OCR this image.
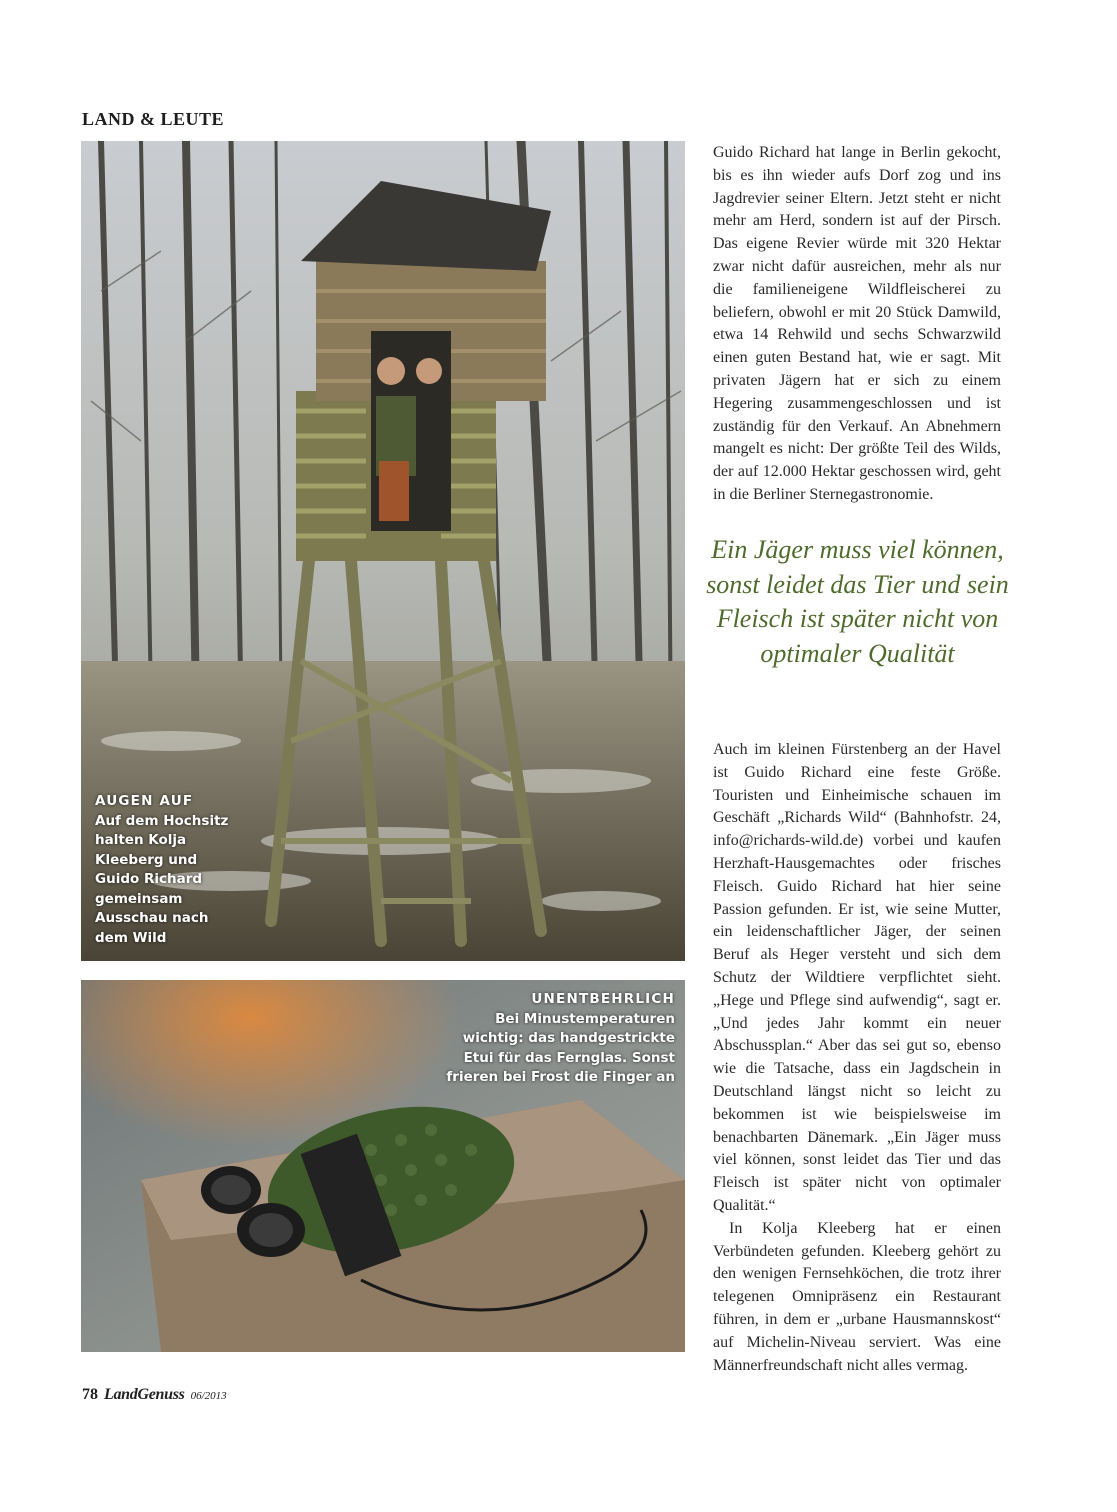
LAND & LEUTE
AUGEN AUF
Auf dem Hochsitz halten Kolja Kleeberg und Guido Richard gemeinsam Ausschau nach dem Wild
UNENTBEHRLICH
Bei Minustemperaturen wichtig: das handgestrickte Etui für das Fernglas. Sonst frieren bei Frost die Finger an

Guido Richard hat lange in Berlin gekocht, bis es ihn wieder aufs Dorf zog und ins Jagdrevier seiner Eltern. Jetzt steht er nicht mehr am Herd, sondern ist auf der Pirsch. Das eigene Revier würde mit 320 Hektar zwar nicht dafür ausreichen, mehr als nur die familieneigene Wildfleischerei zu beliefern, obwohl er mit 20 Stück Damwild, etwa 14 Rehwild und sechs Schwarzwild einen guten Bestand hat, wie er sagt. Mit privaten Jägern hat er sich zu einem Hegering zusammengeschlossen und ist zuständig für den Verkauf. An Abnehmern mangelt es nicht: Der größte Teil des Wilds, der auf 12.000 Hektar geschossen wird, geht in die Berliner Sternegastronomie.

Ein Jäger muss viel können, sonst leidet das Tier und sein Fleisch ist später nicht von optimaler Qualität

Auch im kleinen Fürstenberg an der Havel ist Guido Richard eine feste Größe. Touristen und Einheimische schauen im Geschäft „Richards Wild“ (Bahnhofstr. 24, info@richards-wild.de) vorbei und kaufen Herzhaft-Hausgemachtes oder frisches Fleisch. Guido Richard hat hier seine Passion gefunden. Er ist, wie seine Mutter, ein leidenschaftlicher Jäger, der seinen Beruf als Heger versteht und sich dem Schutz der Wildtiere verpflichtet sieht. „Hege und Pflege sind aufwendig“, sagt er. „Und jedes Jahr kommt ein neuer Abschussplan.“ Aber das sei gut so, ebenso wie die Tatsache, dass ein Jagdschein in Deutschland längst nicht so leicht zu bekommen ist wie beispielsweise im benachbarten Dänemark. „Ein Jäger muss viel können, sonst leidet das Tier und das Fleisch ist später nicht von optimaler Qualität.“

In Kolja Kleeberg hat er einen Verbündeten gefunden. Kleeberg gehört zu den wenigen Fernsehköchen, die trotz ihrer telegenen Omnipräsenz ein Restaurant führen, in dem er „urbane Hausmannskost“ auf Michelin-Niveau serviert. Was eine Männerfreundschaft nicht alles vermag.

78 LandGenuss 06/2013
